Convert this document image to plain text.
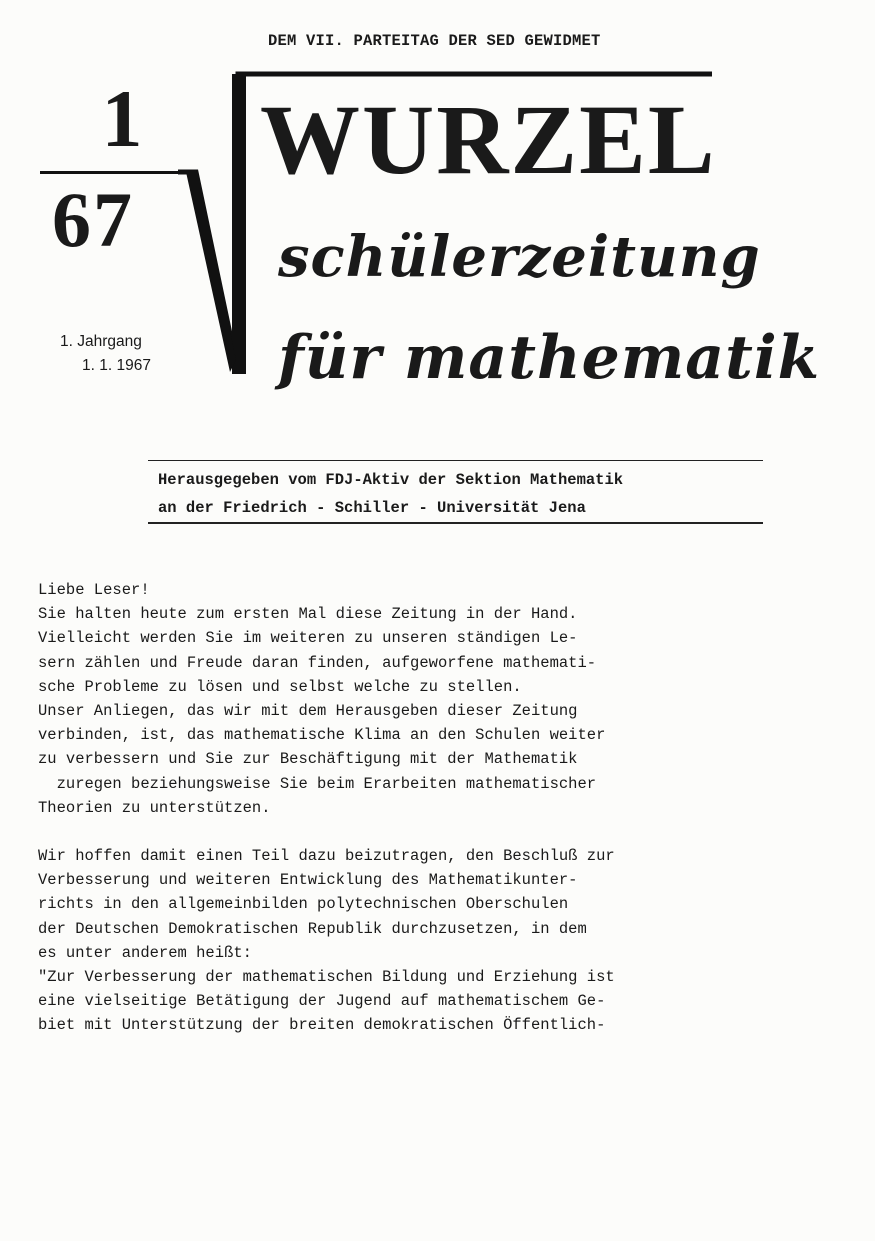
DEM VII. PARTEITAG DER SED GEWIDMET
1
67
WURZEL
schülerzeitung
für mathematik
1. Jahrgang
1. 1. 1967
Herausgegeben vom FDJ-Aktiv der Sektion Mathematik
an der Friedrich - Schiller - Universität Jena
Liebe Leser!
Sie halten heute zum ersten Mal diese Zeitung in der Hand.
Vielleicht werden Sie im weiteren zu unseren ständigen Le-
sern zählen und Freude daran finden, aufgeworfene mathemati-
sche Probleme zu lösen und selbst welche zu stellen.
Unser Anliegen, das wir mit dem Herausgeben dieser Zeitung
verbinden, ist, das mathematische Klima an den Schulen weiter
zu verbessern und Sie zur Beschäftigung mit der Mathematik
zuregen beziehungsweise Sie beim Erarbeiten mathematischer
Theorien zu unterstützen.
Wir hoffen damit einen Teil dazu beizutragen, den Beschluß zur
Verbesserung und weiteren Entwicklung des Mathematikunter-
richts in den allgemeinbilden polytechnischen Oberschulen
der Deutschen Demokratischen Republik durchzusetzen, in dem
es unter anderem heißt:
"Zur Verbesserung der mathematischen Bildung und Erziehung ist
eine vielseitige Betätigung der Jugend auf mathematischem Ge-
biet mit Unterstützung der breiten demokratischen Öffentlich-
